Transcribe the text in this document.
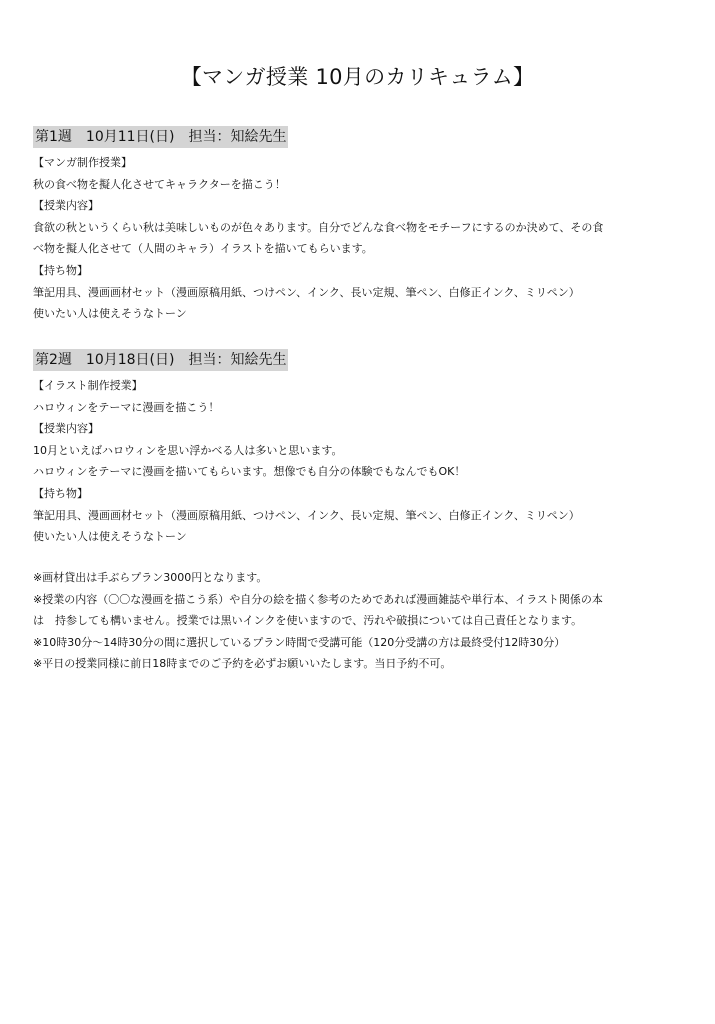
【マンガ授業 10月のカリキュラム】
第1週　10月11日(日)　担当：知絵先生

【マンガ制作授業】

秋の食べ物を擬人化させてキャラクターを描こう！

【授業内容】

食欲の秋というくらい秋は美味しいものが色々あります。自分でどんな食べ物をモチーフにするのか決めて、その食

べ物を擬人化させて（人間のキャラ）イラストを描いてもらいます。

【持ち物】

筆記用具、漫画画材セット（漫画原稿用紙、つけペン、インク、長い定規、筆ペン、白修正インク、ミリペン）

使いたい人は使えそうなトーン

第2週　10月18日(日)　担当：知絵先生

【イラスト制作授業】

ハロウィンをテーマに漫画を描こう！

【授業内容】

10月といえばハロウィンを思い浮かべる人は多いと思います。

ハロウィンをテーマに漫画を描いてもらいます。想像でも自分の体験でもなんでもOK！

【持ち物】

筆記用具、漫画画材セット（漫画原稿用紙、つけペン、インク、長い定規、筆ペン、白修正インク、ミリペン）

使いたい人は使えそうなトーン

※画材貸出は手ぶらプラン3000円となります。

※授業の内容（〇〇な漫画を描こう系）や自分の絵を描く参考のためであれば漫画雑誌や単行本、イラスト関係の本

は　持参しても構いません。授業では黒いインクを使いますので、汚れや破損については自己責任となります。

※10時30分〜14時30分の間に選択しているプラン時間で受講可能（120分受講の方は最終受付12時30分）

※平日の授業同様に前日18時までのご予約を必ずお願いいたします。当日予約不可。
